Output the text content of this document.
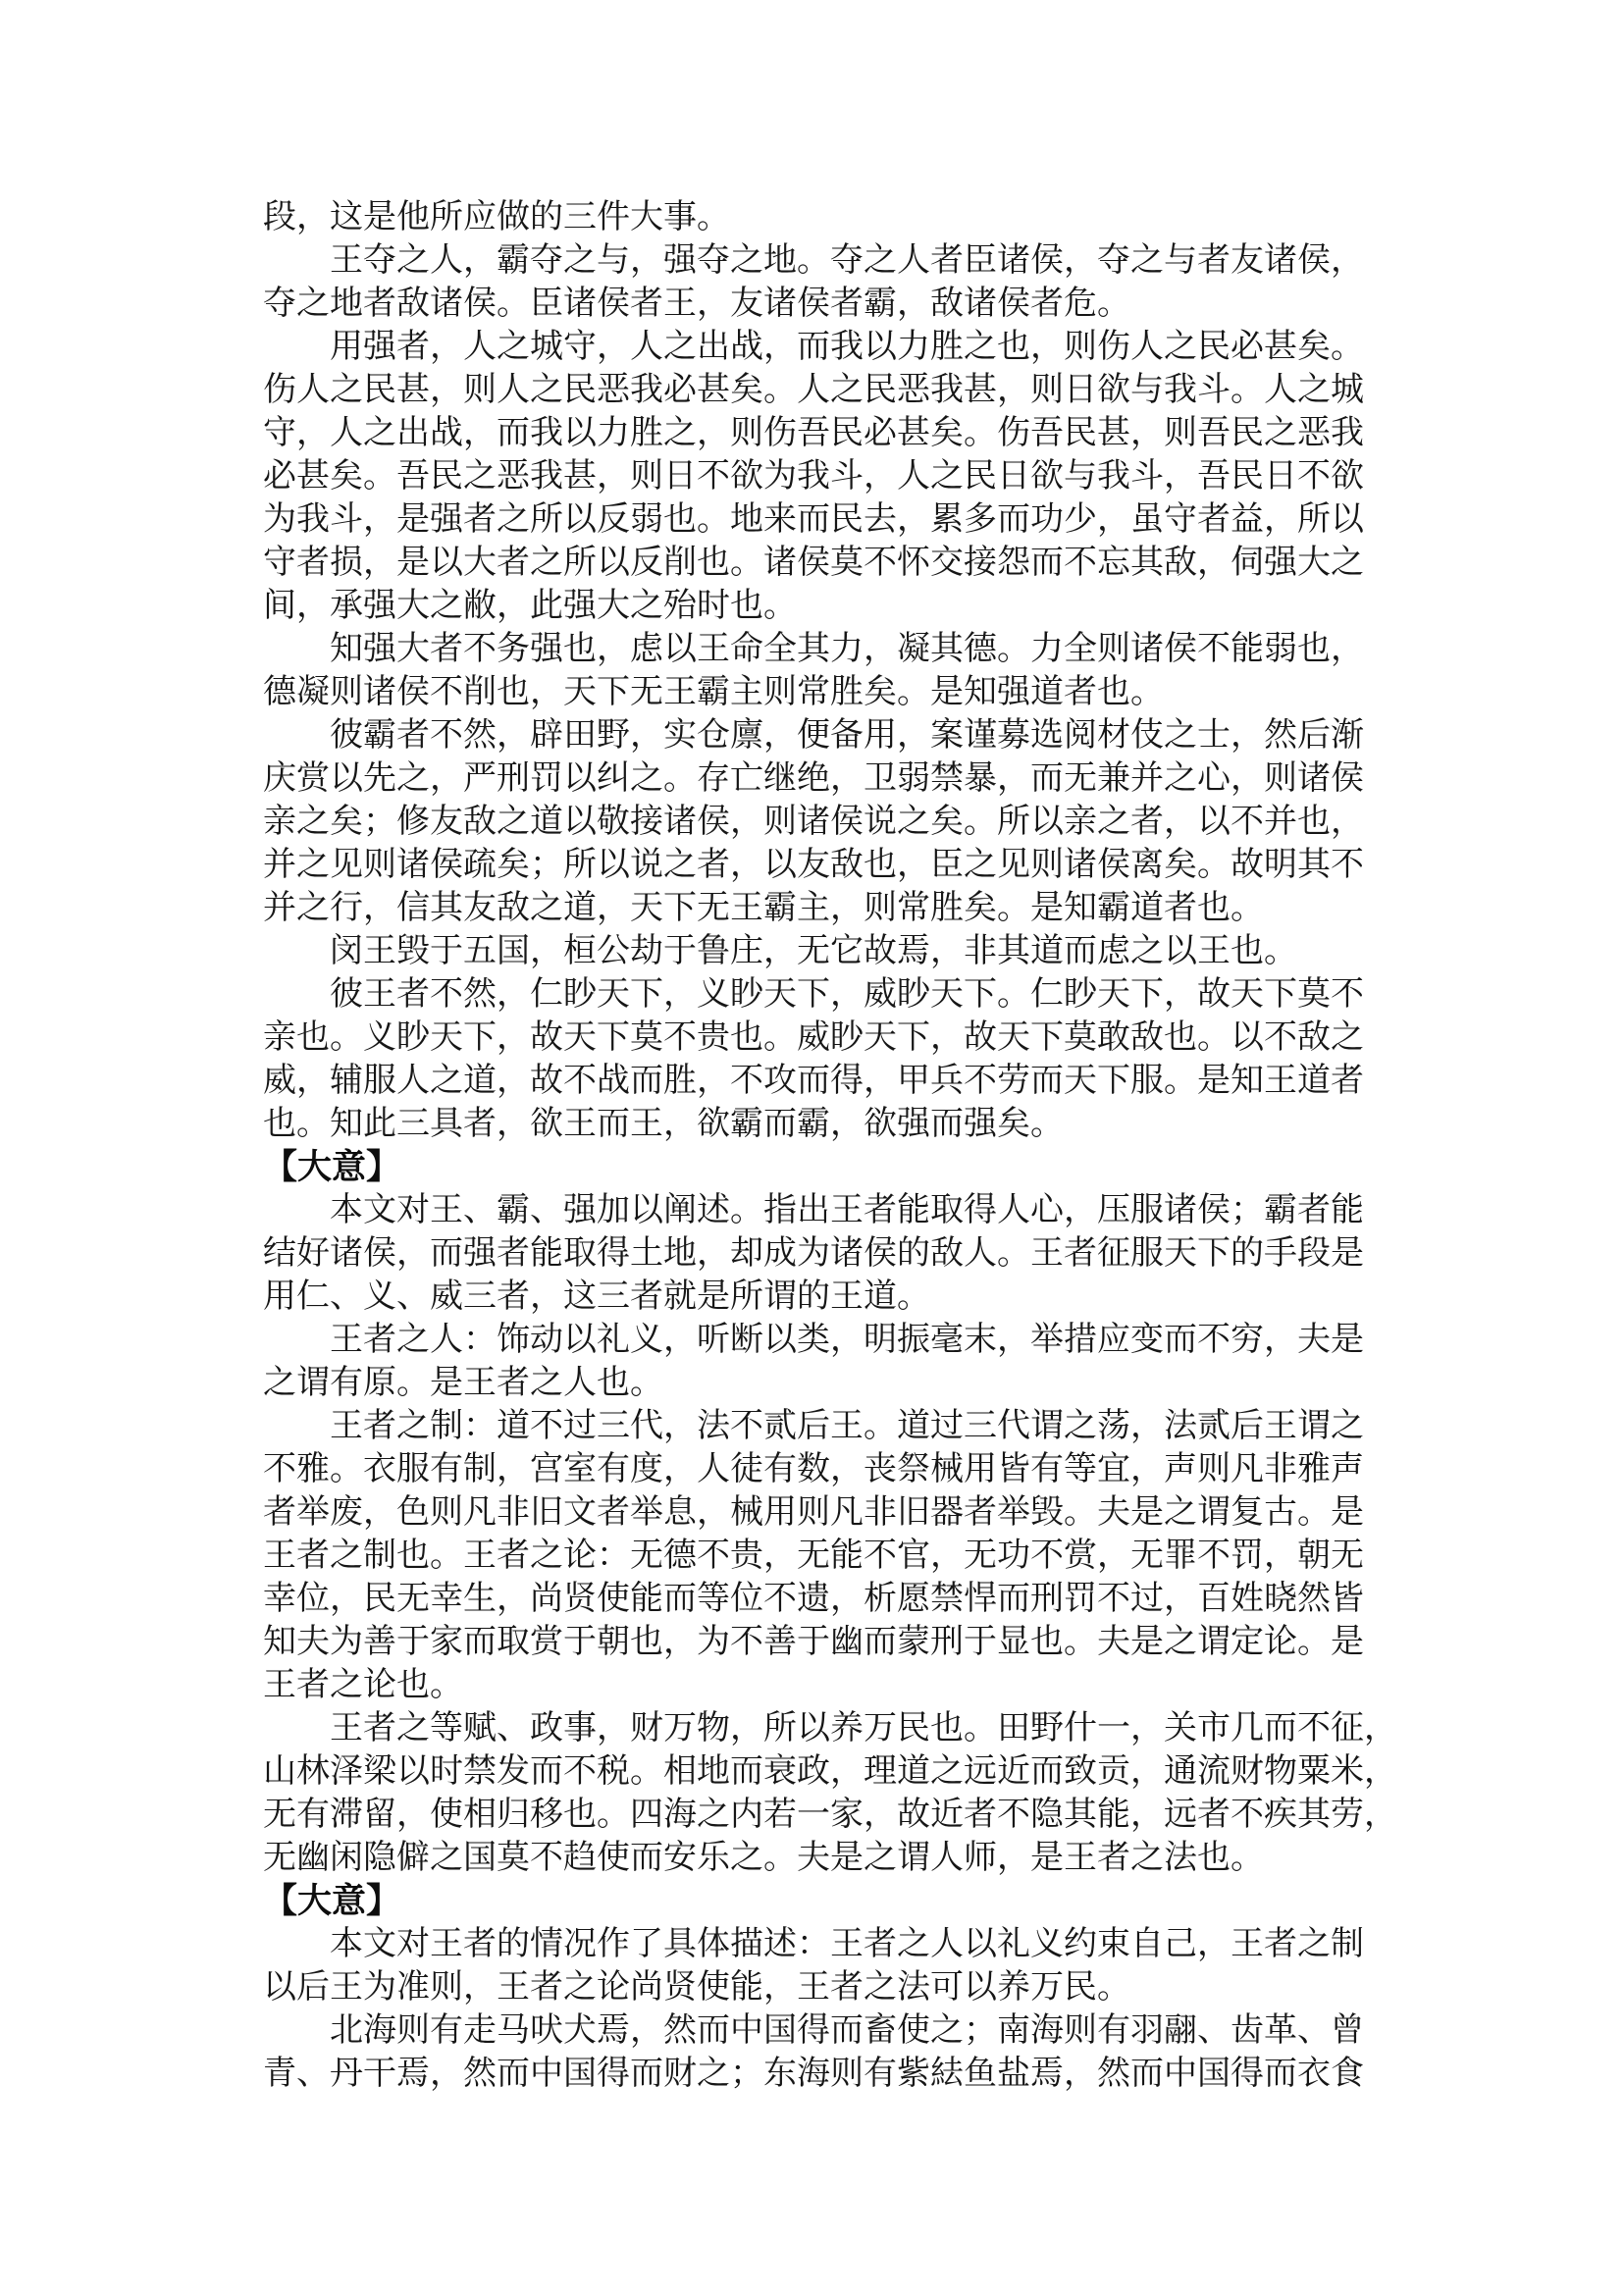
段，这是他所应做的三件大事。
　　王夺之人，霸夺之与，强夺之地。夺之人者臣诸侯，夺之与者友诸侯，
夺之地者敌诸侯。臣诸侯者王，友诸侯者霸，敌诸侯者危。
　　用强者，人之城守，人之出战，而我以力胜之也，则伤人之民必甚矣。
伤人之民甚，则人之民恶我必甚矣。人之民恶我甚，则日欲与我斗。人之城
守，人之出战，而我以力胜之，则伤吾民必甚矣。伤吾民甚，则吾民之恶我
必甚矣。吾民之恶我甚，则日不欲为我斗，人之民日欲与我斗，吾民日不欲
为我斗，是强者之所以反弱也。地来而民去，累多而功少，虽守者益，所以
守者损，是以大者之所以反削也。诸侯莫不怀交接怨而不忘其敌，伺强大之
间，承强大之敝，此强大之殆时也。
　　知强大者不务强也，虑以王命全其力，凝其德。力全则诸侯不能弱也，
德凝则诸侯不削也，天下无王霸主则常胜矣。是知强道者也。
　　彼霸者不然，辟田野，实仓廪，便备用，案谨募选阅材伎之士，然后渐
庆赏以先之，严刑罚以纠之。存亡继绝，卫弱禁暴，而无兼并之心，则诸侯
亲之矣；修友敌之道以敬接诸侯，则诸侯说之矣。所以亲之者，以不并也，
并之见则诸侯疏矣；所以说之者，以友敌也，臣之见则诸侯离矣。故明其不
并之行，信其友敌之道，天下无王霸主，则常胜矣。是知霸道者也。
　　闵王毁于五国，桓公劫于鲁庄，无它故焉，非其道而虑之以王也。
　　彼王者不然，仁眇天下，义眇天下，威眇天下。仁眇天下，故天下莫不
亲也。义眇天下，故天下莫不贵也。威眇天下，故天下莫敢敌也。以不敌之
威，辅服人之道，故不战而胜，不攻而得，甲兵不劳而天下服。是知王道者
也。知此三具者，欲王而王，欲霸而霸，欲强而强矣。
【大意】
　　本文对王、霸、强加以阐述。指出王者能取得人心，压服诸侯；霸者能
结好诸侯，而强者能取得土地，却成为诸侯的敌人。王者征服天下的手段是
用仁、义、威三者，这三者就是所谓的王道。
　　王者之人：饰动以礼义，听断以类，明振毫末，举措应变而不穷，夫是
之谓有原。是王者之人也。
　　王者之制：道不过三代，法不贰后王。道过三代谓之荡，法贰后王谓之
不雅。衣服有制，宫室有度，人徒有数，丧祭械用皆有等宜，声则凡非雅声
者举废，色则凡非旧文者举息，械用则凡非旧器者举毁。夫是之谓复古。是
王者之制也。王者之论：无德不贵，无能不官，无功不赏，无罪不罚，朝无
幸位，民无幸生，尚贤使能而等位不遗，析愿禁悍而刑罚不过，百姓晓然皆
知夫为善于家而取赏于朝也，为不善于幽而蒙刑于显也。夫是之谓定论。是
王者之论也。
　　王者之等赋、政事，财万物，所以养万民也。田野什一，关市几而不征，
山林泽梁以时禁发而不税。相地而衰政，理道之远近而致贡，通流财物粟米，
无有滞留，使相归移也。四海之内若一家，故近者不隐其能，远者不疾其劳，
无幽闲隐僻之国莫不趋使而安乐之。夫是之谓人师，是王者之法也。
【大意】
　　本文对王者的情况作了具体描述：王者之人以礼义约束自己，王者之制
以后王为准则，王者之论尚贤使能，王者之法可以养万民。
　　北海则有走马吠犬焉，然而中国得而畜使之；南海则有羽翮、齿革、曾
青、丹干焉，然而中国得而财之；东海则有紫紶鱼盐焉，然而中国得而衣食
